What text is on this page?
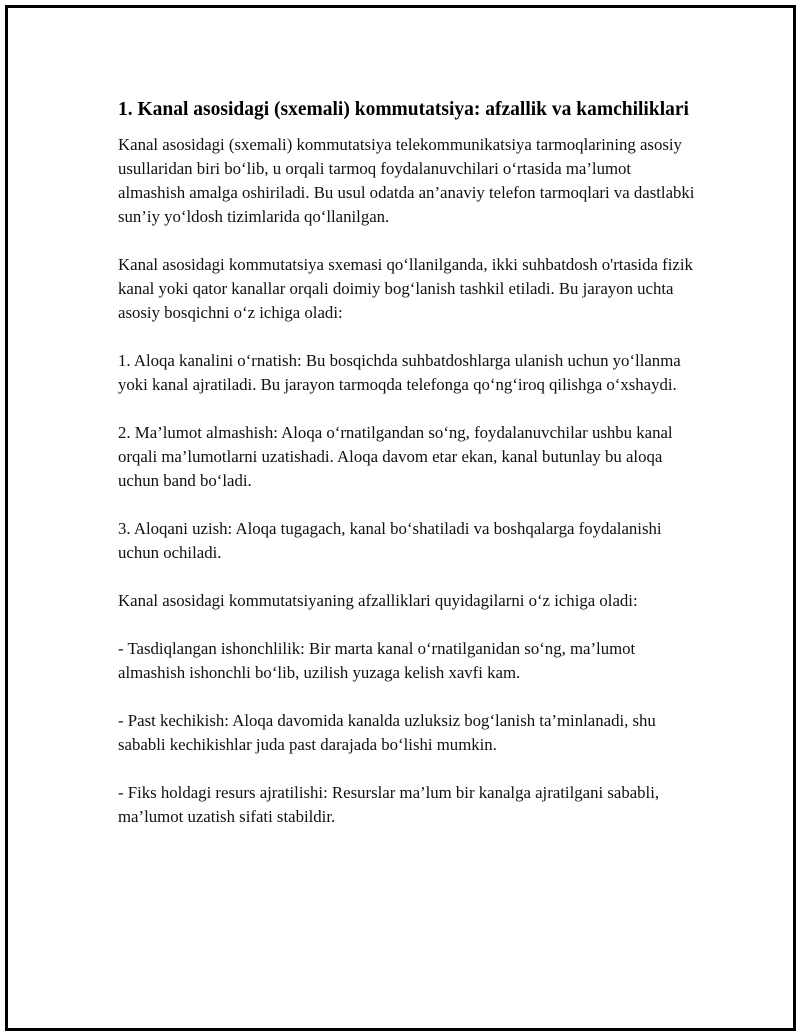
1. Kanal asosidagi (sxemali) kommutatsiya: afzallik va kamchiliklari

Kanal asosidagi (sxemali) kommutatsiya telekommunikatsiya tarmoqlarining asosiy usullaridan biri bo‘lib, u orqali tarmoq foydalanuvchilari o‘rtasida ma’lumot almashish amalga oshiriladi. Bu usul odatda an’anaviy telefon tarmoqlari va dastlabki sun’iy yo‘ldosh tizimlarida qo‘llanilgan.

Kanal asosidagi kommutatsiya sxemasi qo‘llanilganda, ikki suhbatdosh o'rtasida fizik kanal yoki qator kanallar orqali doimiy bog‘lanish tashkil etiladi. Bu jarayon uchta asosiy bosqichni o‘z ichiga oladi:

1. Aloqa kanalini o‘rnatish: Bu bosqichda suhbatdoshlarga ulanish uchun yo‘llanma yoki kanal ajratiladi. Bu jarayon tarmoqda telefonga qo‘ng‘iroq qilishga o‘xshaydi.

2. Ma’lumot almashish: Aloqa o‘rnatilgandan so‘ng, foydalanuvchilar ushbu kanal orqali ma’lumotlarni uzatishadi. Aloqa davom etar ekan, kanal butunlay bu aloqa uchun band bo‘ladi.

3. Aloqani uzish: Aloqa tugagach, kanal bo‘shatiladi va boshqalarga foydalanishi uchun ochiladi.

Kanal asosidagi kommutatsiyaning afzalliklari quyidagilarni o‘z ichiga oladi:

- Tasdiqlangan ishonchlilik: Bir marta kanal o‘rnatilganidan so‘ng, ma’lumot almashish ishonchli bo‘lib, uzilish yuzaga kelish xavfi kam.

- Past kechikish: Aloqa davomida kanalda uzluksiz bog‘lanish ta’minlanadi, shu sababli kechikishlar juda past darajada bo‘lishi mumkin.

- Fiks holdagi resurs ajratilishi: Resurslar ma’lum bir kanalga ajratilgani sababli, ma’lumot uzatish sifati stabildir.
